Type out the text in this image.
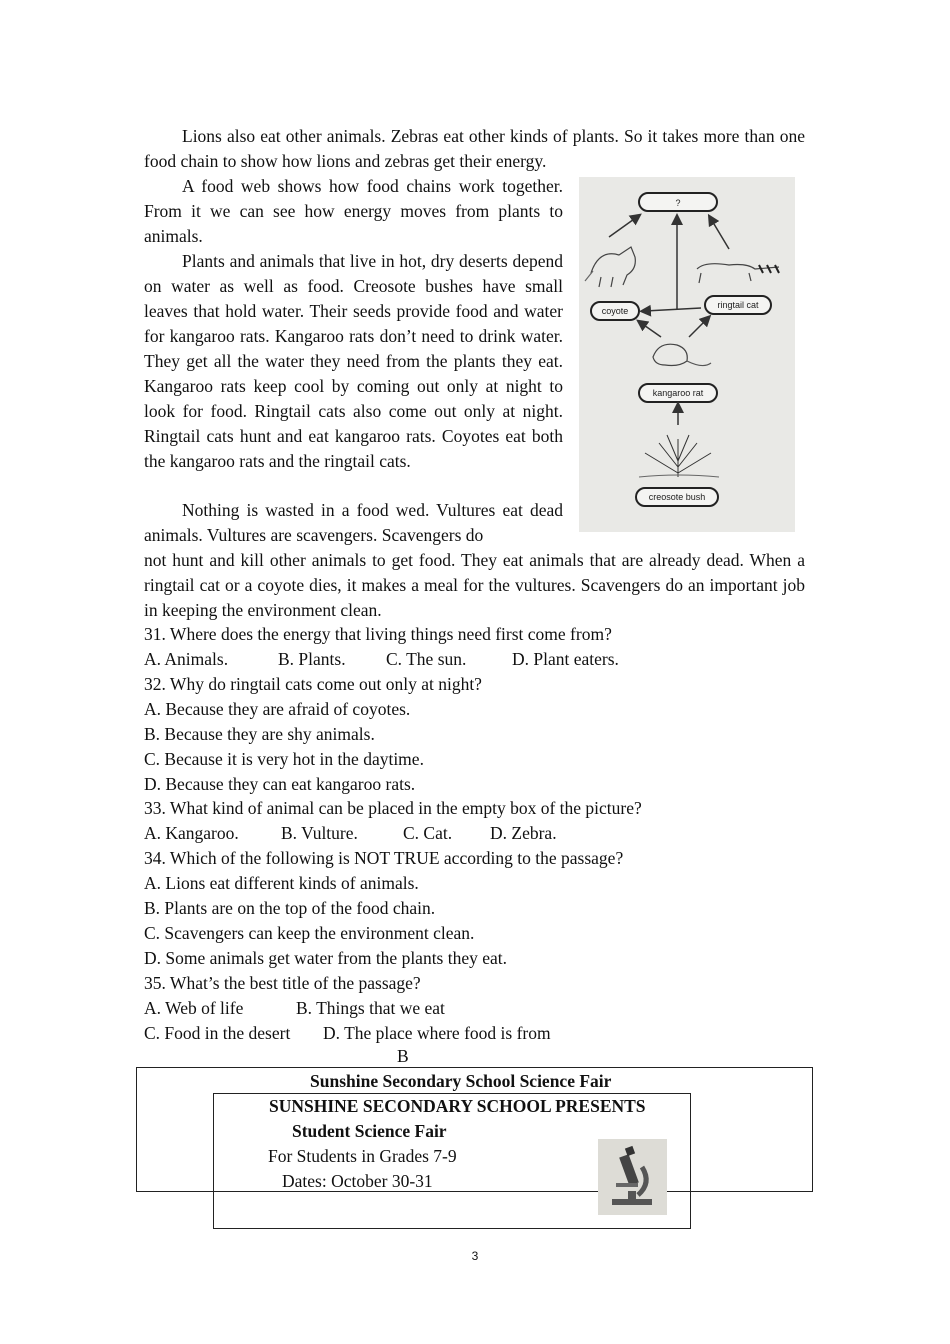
Lions also eat other animals. Zebras eat other kinds of plants. So it takes more than one food chain to show how lions and zebras get their energy.
A food web shows how food chains work together. From it we can see how energy moves from plants to animals.
Plants and animals that live in hot, dry deserts depend on water as well as food. Creosote bushes have small leaves that hold water. Their seeds provide food and water for kangaroo rats. Kangaroo rats don’t need to drink water. They get all the water they need from the plants they eat. Kangaroo rats keep cool by coming out only at night to look for food. Ringtail cats also come out only at night. Ringtail cats hunt and eat kangaroo rats. Coyotes eat both the kangaroo rats and the ringtail cats.
Nothing is wasted in a food wed. Vultures eat dead animals. Vultures are scavengers. Scavengers do
not hunt and kill other animals to get food. They eat animals that are already dead. When a ringtail cat or a coyote dies, it makes a meal for the vultures. Scavengers do an important job in keeping the environment clean.
?
coyote
ringtail cat
kangaroo rat
creosote bush
31. Where does the energy that living things need first come from?
A. Animals.	B. Plants. C. The sun.	D. Plant eaters.
32. Why do ringtail cats come out only at night?
A. Because they are afraid of coyotes.
B. Because they are shy animals.
C. Because it is very hot in the daytime.
D. Because they can eat kangaroo rats.
33. What kind of animal can be placed in the empty box of the picture?
A. Kangaroo. B. Vulture.	C. Cat. D. Zebra.
34. Which of the following is NOT TRUE according to the passage?
A. Lions eat different kinds of animals.
B. Plants are on the top of the food chain.
C. Scavengers can keep the environment clean.
D. Some animals get water from the plants they eat.
35. What’s the best title of the passage?
A. Web of life	B. Things that we eat
C. Food in the desert D. The place where food is from
B
Sunshine Secondary School Science Fair
SUNSHINE SECONDARY SCHOOL PRESENTS
Student Science Fair
For Students in Grades 7-9
Dates: October 30-31
3
